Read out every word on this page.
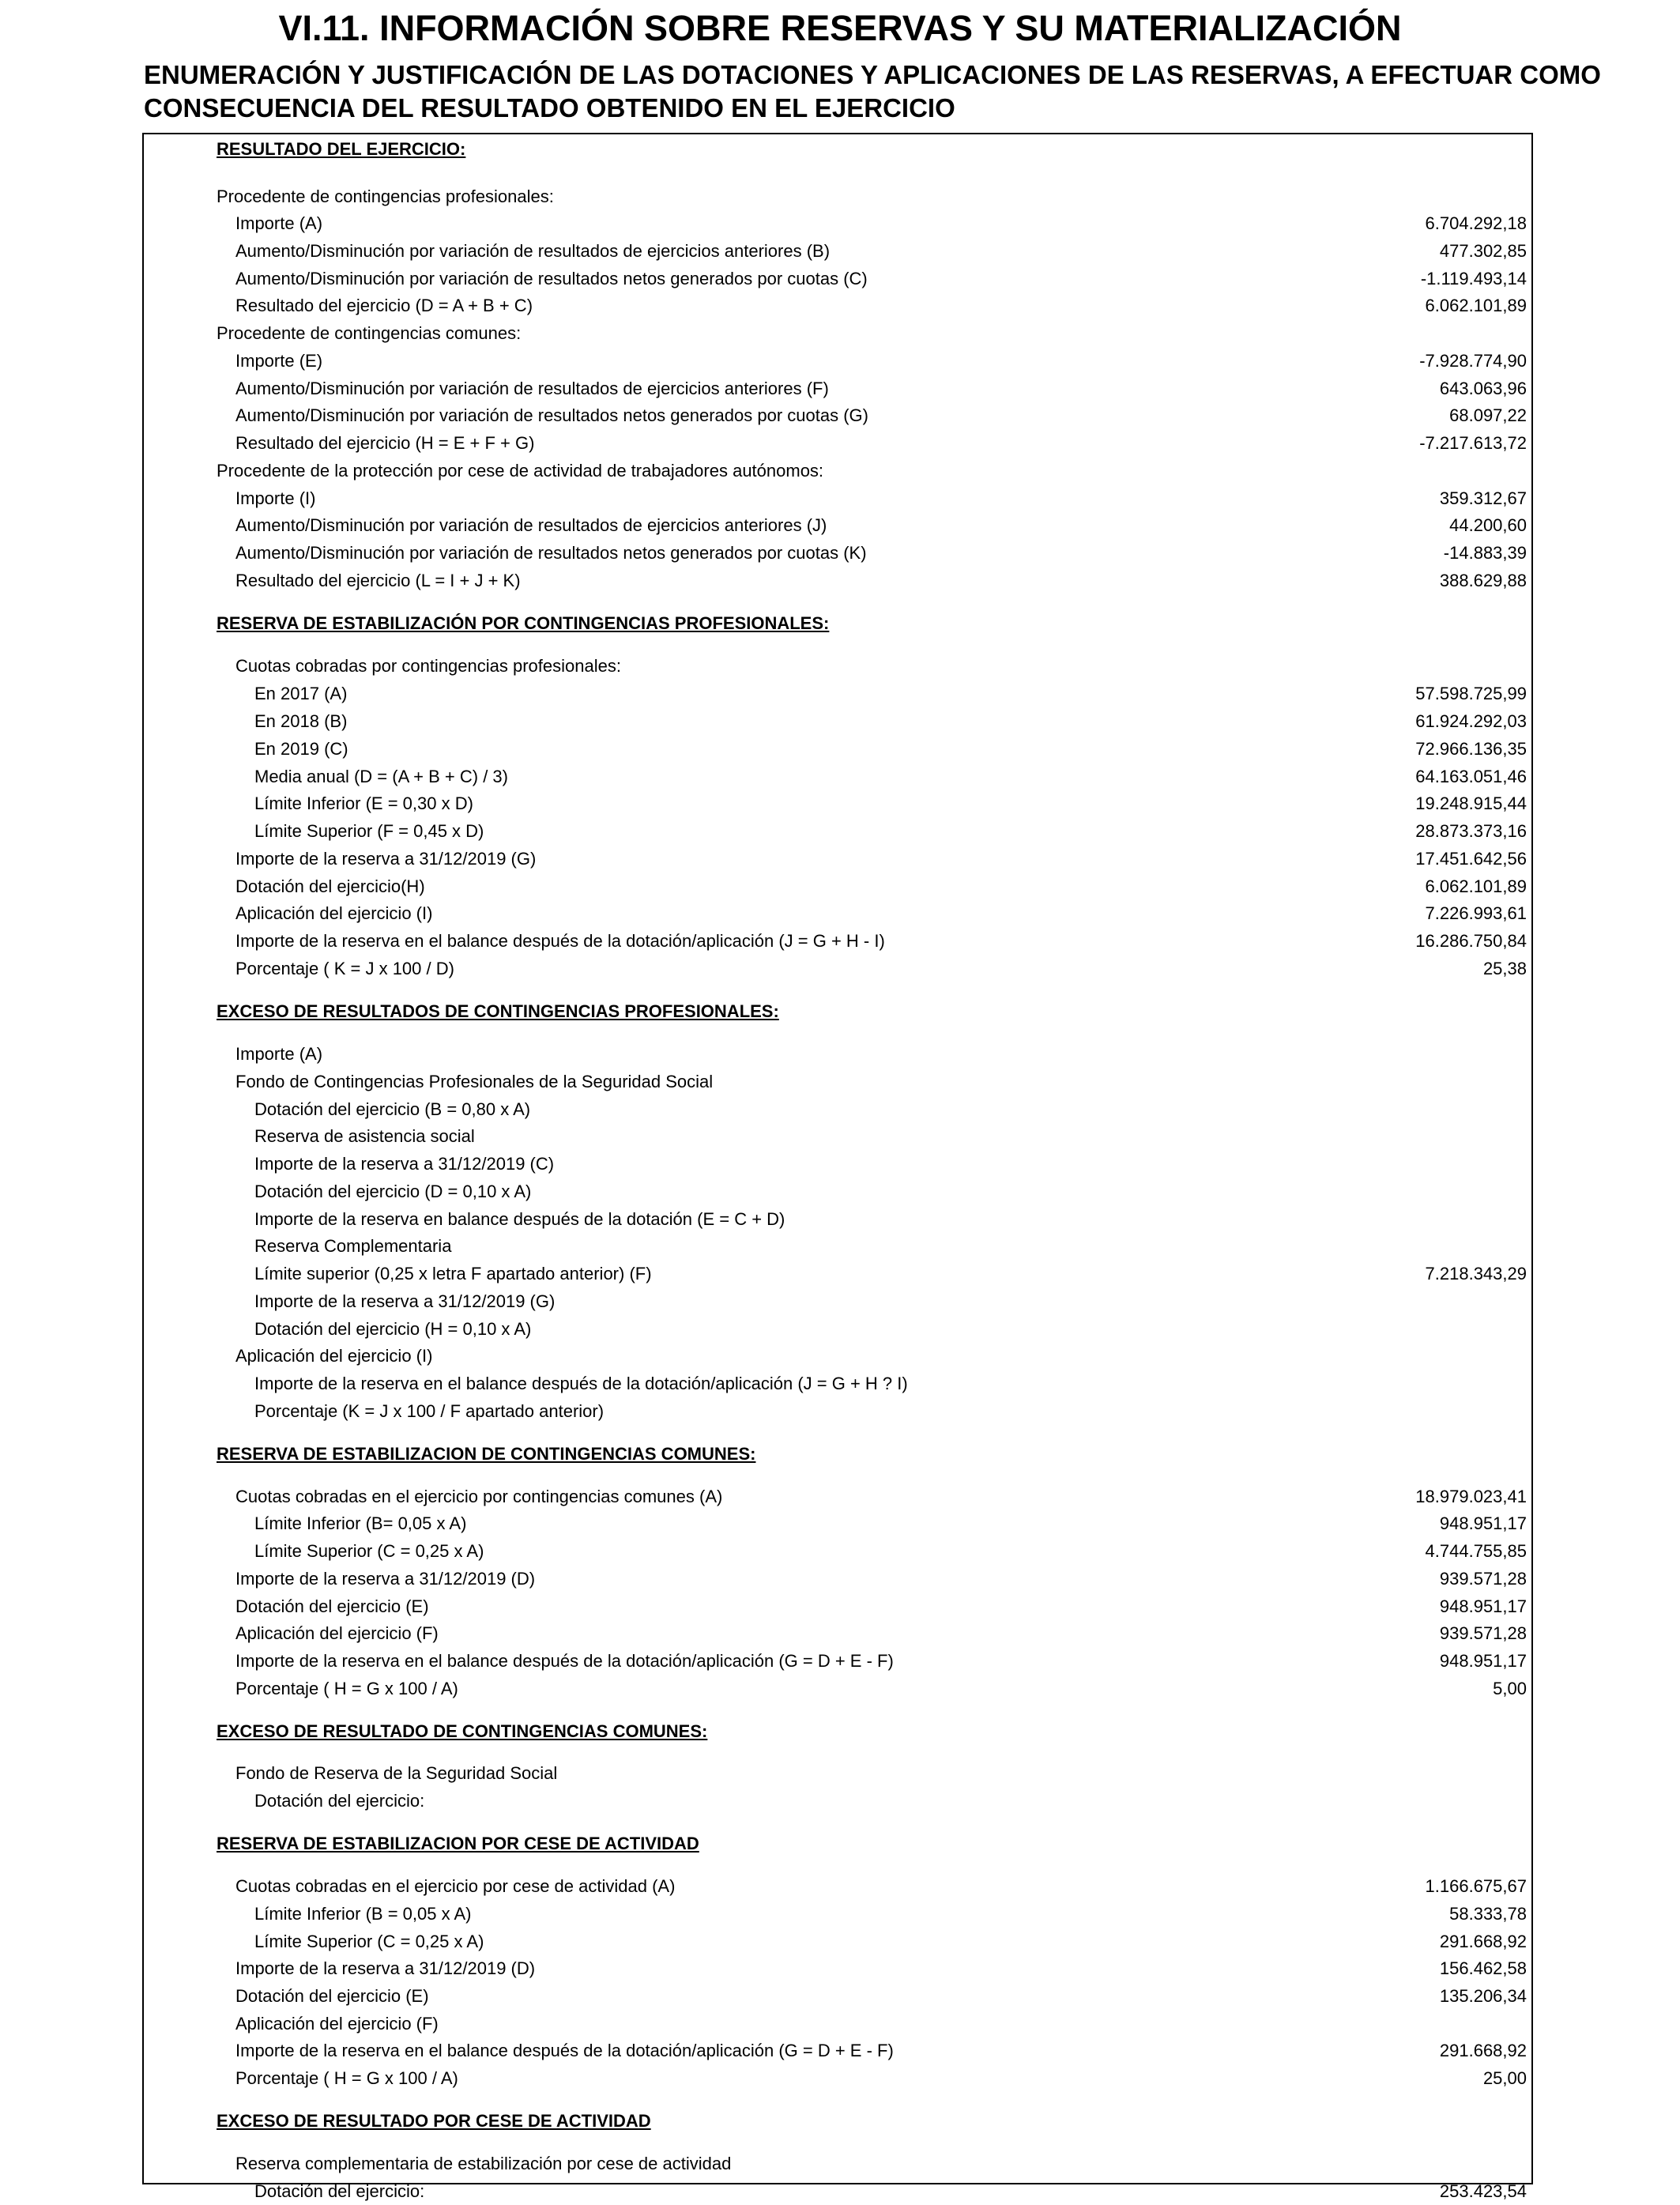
VI.11. INFORMACIÓN SOBRE RESERVAS Y SU MATERIALIZACIÓN
ENUMERACIÓN Y JUSTIFICACIÓN DE LAS DOTACIONES Y APLICACIONES DE LAS RESERVAS, A EFECTUAR COMO CONSECUENCIA DEL RESULTADO OBTENIDO EN EL EJERCICIO
RESULTADO DEL EJERCICIO:
Procedente de contingencias profesionales:
Importe (A)	6.704.292,18
Aumento/Disminución por variación de resultados de ejercicios anteriores (B)	477.302,85
Aumento/Disminución por variación de resultados netos generados por cuotas (C)	-1.119.493,14
Resultado del ejercicio (D = A + B + C)	6.062.101,89
Procedente de contingencias comunes:
Importe (E)	-7.928.774,90
Aumento/Disminución por variación de resultados de ejercicios anteriores (F)	643.063,96
Aumento/Disminución por variación de resultados netos generados por cuotas (G)	68.097,22
Resultado del ejercicio (H = E + F + G)	-7.217.613,72
Procedente de la protección por cese de actividad de trabajadores autónomos:
Importe (I)	359.312,67
Aumento/Disminución por variación de resultados de ejercicios anteriores (J)	44.200,60
Aumento/Disminución por variación de resultados netos generados por cuotas (K)	-14.883,39
Resultado del ejercicio (L = I + J + K)	388.629,88
RESERVA DE ESTABILIZACIÓN POR CONTINGENCIAS PROFESIONALES:
Cuotas cobradas por contingencias profesionales:
En 2017 (A)	57.598.725,99
En 2018 (B)	61.924.292,03
En 2019 (C)	72.966.136,35
Media anual (D = (A + B + C) / 3)	64.163.051,46
Límite Inferior (E = 0,30 x D)	19.248.915,44
Límite Superior (F = 0,45 x D)	28.873.373,16
Importe de la reserva a 31/12/2019 (G)	17.451.642,56
Dotación del ejercicio(H)	6.062.101,89
Aplicación del ejercicio (I)	7.226.993,61
Importe de la reserva en el balance después de la dotación/aplicación (J = G + H - I)	16.286.750,84
Porcentaje ( K = J x 100 / D)	25,38
EXCESO DE RESULTADOS DE CONTINGENCIAS PROFESIONALES:
Importe (A)
Fondo de Contingencias Profesionales de la Seguridad Social
Dotación del ejercicio (B = 0,80 x A)
Reserva de asistencia social
Importe de la reserva a 31/12/2019 (C)
Dotación del ejercicio (D = 0,10 x A)
Importe de la reserva en balance después de la dotación (E = C + D)
Reserva Complementaria
Límite superior (0,25 x letra F apartado anterior) (F)	7.218.343,29
Importe de la reserva a 31/12/2019 (G)
Dotación del ejercicio (H = 0,10 x A)
Aplicación del ejercicio (I)
Importe de la reserva en el balance después de la dotación/aplicación (J = G + H ? I)
Porcentaje (K = J x 100 / F apartado anterior)
RESERVA DE ESTABILIZACION DE CONTINGENCIAS COMUNES:
Cuotas cobradas en el ejercicio por contingencias comunes (A)	18.979.023,41
Límite Inferior (B= 0,05 x A)	948.951,17
Límite Superior (C = 0,25 x A)	4.744.755,85
Importe de la reserva a 31/12/2019 (D)	939.571,28
Dotación del ejercicio (E)	948.951,17
Aplicación del ejercicio (F)	939.571,28
Importe de la reserva en el balance después de la dotación/aplicación (G = D + E - F)	948.951,17
Porcentaje ( H = G x 100 / A)	5,00
EXCESO DE RESULTADO DE CONTINGENCIAS COMUNES:
Fondo de Reserva de la Seguridad Social
Dotación del ejercicio:
RESERVA DE ESTABILIZACION POR CESE DE ACTIVIDAD
Cuotas cobradas en el ejercicio por cese de actividad (A)	1.166.675,67
Límite Inferior (B = 0,05 x A)	58.333,78
Límite Superior (C = 0,25 x A)	291.668,92
Importe de la reserva a 31/12/2019 (D)	156.462,58
Dotación del ejercicio (E)	135.206,34
Aplicación del ejercicio (F)
Importe de la reserva en el balance después de la dotación/aplicación (G = D + E - F)	291.668,92
Porcentaje ( H = G x 100 / A)	25,00
EXCESO DE RESULTADO POR CESE DE ACTIVIDAD
Reserva complementaria de estabilización por cese de actividad
Dotación del ejercicio:	253.423,54
